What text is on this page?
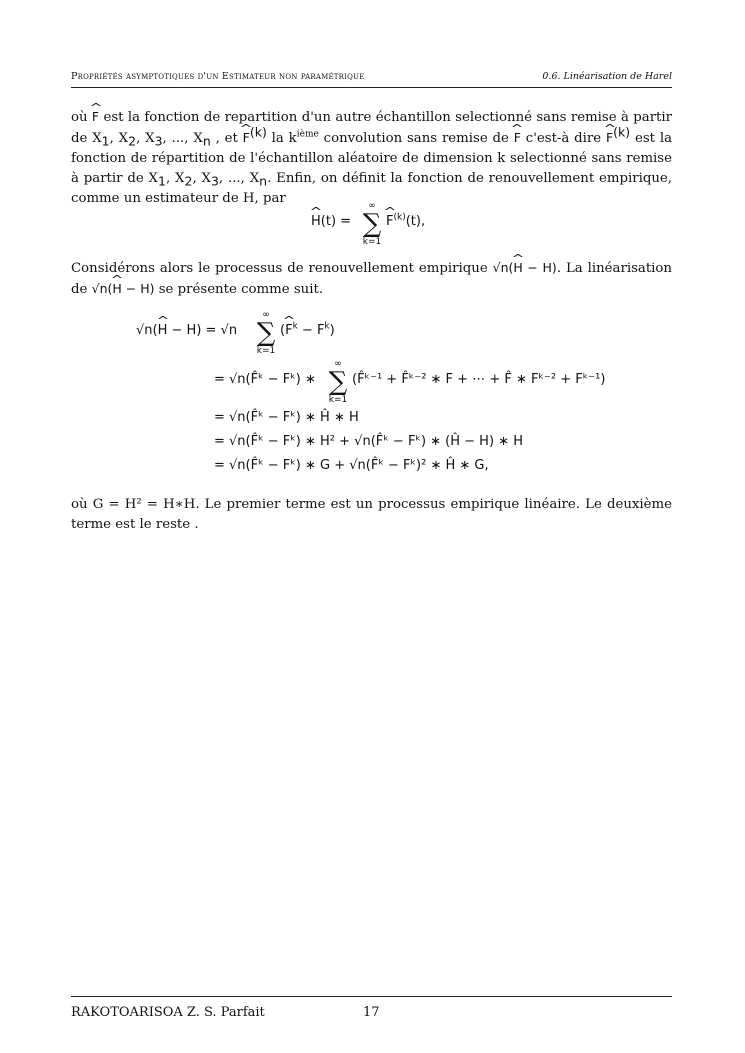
Propriétés asymptotiques d'un Estimateur non paramétrique	0.6. Linéarisation de Harel
où ^ F est la fonction de repartition d'un autre échantillon selectionné sans remise à partir de $X_1$, $X_2$, $X_3$, ..., $X_n$ , et ^ $F^{(k)}$ la $k^{ième}$ convolution sans remise de ^ F c'est-à dire ^ $F^{(k)}$ est la fonction de répartition de l'échantillon aléatoire de dimension k selectionné sans remise à partir de $X_1$, $X_2$, $X_3$, ..., $X_n$. Enfin, on définit la fonction de renouvellement empirique, comme un estimateur de H, par
^ H(t) =
∞
∑
k=1
^ $F^{(k)}(t)$,
Considérons alors le processus de renouvellement empirique √n(^ H − H). La linéarisation de √n(^ H − H) se présente comme suit.
√n(^ H − H) = √n
∞
∑
k=1
(^ $F^k - F^k$)
= √n(F̂ᵏ − Fᵏ) ∗
∞
∑
k=1
(F̂ᵏ⁻¹ + F̂ᵏ⁻² ∗ F + ⋯ + F̂ ∗ Fᵏ⁻² + Fᵏ⁻¹)
= √n(F̂ᵏ − Fᵏ) ∗ Ĥ ∗ H
= √n(F̂ᵏ − Fᵏ) ∗ H² + √n(F̂ᵏ − Fᵏ) ∗ (Ĥ − H) ∗ H
= √n(F̂ᵏ − Fᵏ) ∗ G + √n(F̂ᵏ − Fᵏ)² ∗ Ĥ ∗ G,
où G = H² = H∗H. Le premier terme est un processus empirique linéaire. Le deuxième terme est le reste .
RAKOTOARISOA Z. S. Parfait	17
